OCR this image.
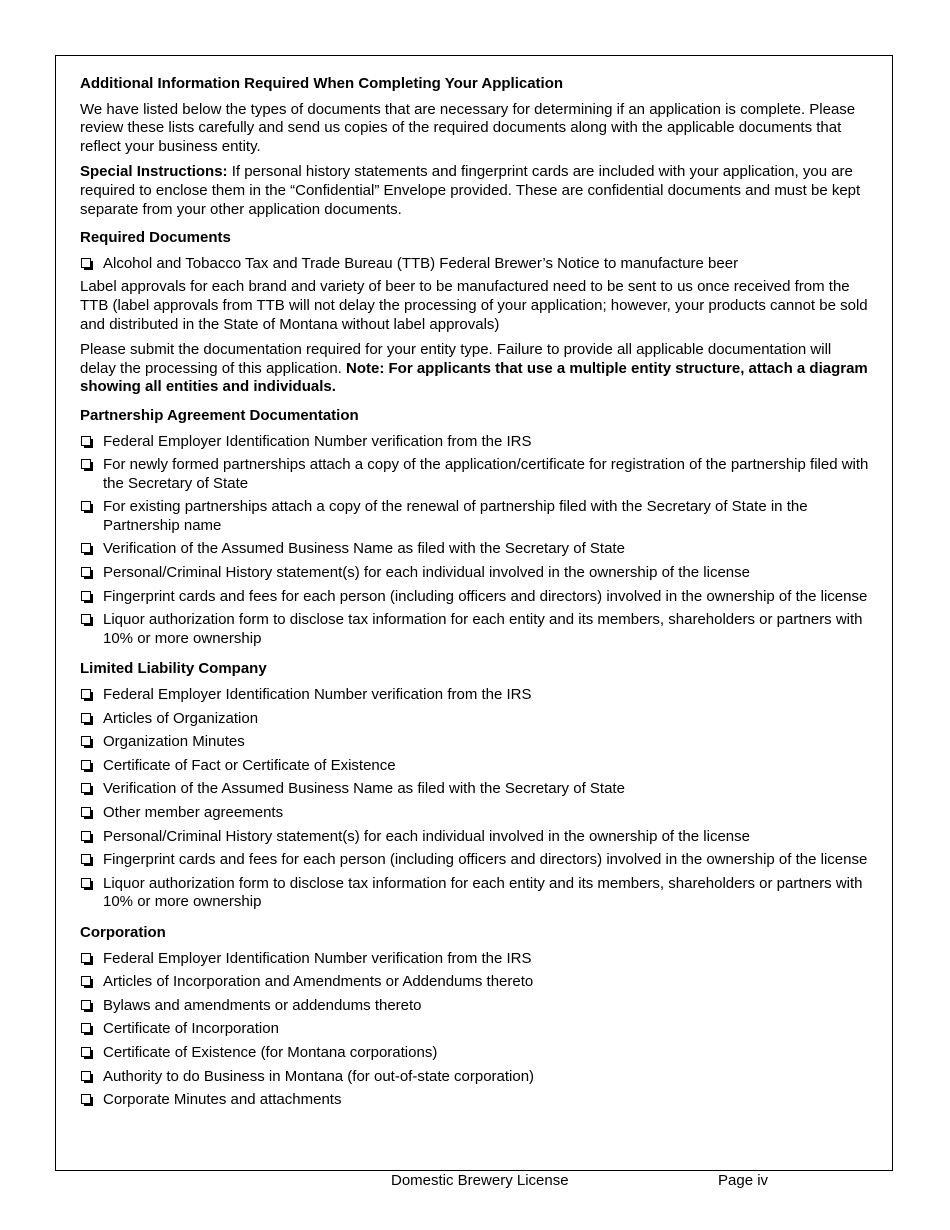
Additional Information Required When Completing Your Application

We have listed below the types of documents that are necessary for determining if an application is complete. Please review these lists carefully and send us copies of the required documents along with the applicable documents that reflect your business entity.

Special Instructions: If personal history statements and fingerprint cards are included with your application, you are required to enclose them in the “Confidential” Envelope provided. These are confidential documents and must be kept separate from your other application documents.

Required Documents
Alcohol and Tobacco Tax and Trade Bureau (TTB) Federal Brewer’s Notice to manufacture beer

Label approvals for each brand and variety of beer to be manufactured need to be sent to us once received from the TTB (label approvals from TTB will not delay the processing of your application; however, your products cannot be sold and distributed in the State of Montana without label approvals)

Please submit the documentation required for your entity type. Failure to provide all applicable documentation will delay the processing of this application. Note: For applicants that use a multiple entity structure, attach a diagram showing all entities and individuals.

Partnership Agreement Documentation
Federal Employer Identification Number verification from the IRS
For newly formed partnerships attach a copy of the application/certificate for registration of the partnership filed with the Secretary of State
For existing partnerships attach a copy of the renewal of partnership filed with the Secretary of State in the Partnership name
Verification of the Assumed Business Name as filed with the Secretary of State
Personal/Criminal History statement(s) for each individual involved in the ownership of the license
Fingerprint cards and fees for each person (including officers and directors) involved in the ownership of the license
Liquor authorization form to disclose tax information for each entity and its members, shareholders or partners with 10% or more ownership
Limited Liability Company
Federal Employer Identification Number verification from the IRS
Articles of Organization
Organization Minutes
Certificate of Fact or Certificate of Existence
Verification of the Assumed Business Name as filed with the Secretary of State
Other member agreements
Personal/Criminal History statement(s) for each individual involved in the ownership of the license
Fingerprint cards and fees for each person (including officers and directors) involved in the ownership of the license
Liquor authorization form to disclose tax information for each entity and its members, shareholders or partners with 10% or more ownership
Corporation
Federal Employer Identification Number verification from the IRS
Articles of Incorporation and Amendments or Addendums thereto
Bylaws and amendments or addendums thereto
Certificate of Incorporation
Certificate of Existence (for Montana corporations)
Authority to do Business in Montana (for out-of-state corporation)
Corporate Minutes and attachments
Domestic Brewery License	Page iv
